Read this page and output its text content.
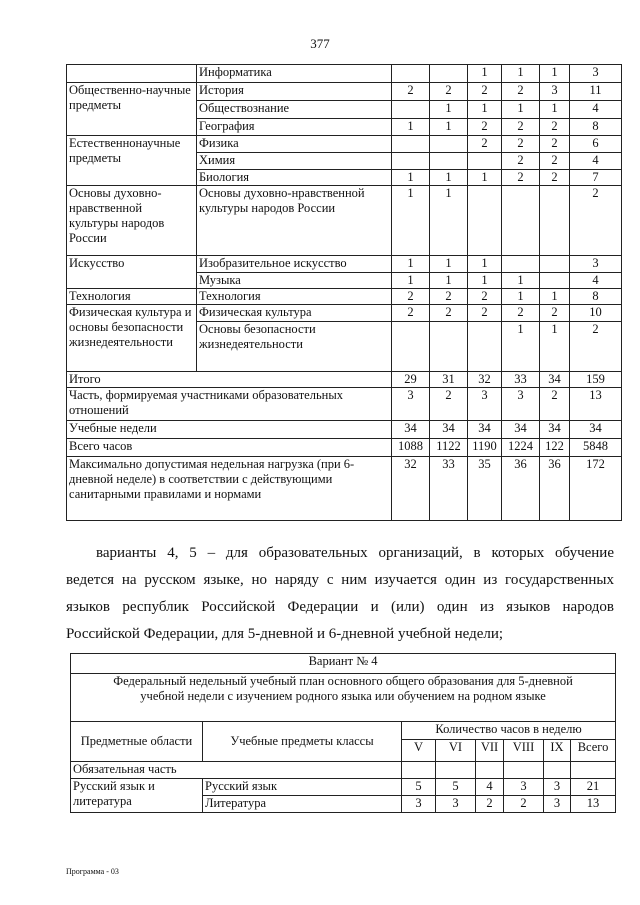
377
	Информатика			1	1	1	3
Общественно-научные предметы	История	2	2	2	2	3	11
	Обществознание		1	1	1	1	4
	География	1	1	2	2	2	8
Естественнонаучные предметы	Физика			2	2	2	6
	Химия				2	2	4
	Биология	1	1	1	2	2	7
Основы духовно-нравственной культуры народов России	Основы духовно-нравственной культуры народов России	1	1				2
Искусство	Изобразительное искусство	1	1	1			3
	Музыка	1	1	1	1		4
Технология	Технология	2	2	2	1	1	8
Физическая культура и основы безопасности жизнедеятельности	Физическая культура	2	2	2	2	2	10
	Основы безопасности жизнедеятельности				1	1	2
Итого		29	31	32	33	34	159
Часть, формируемая участниками образовательных отношений		3	2	3	3	2	13
Учебные недели		34	34	34	34	34	34
Всего часов		1088	1122	1190	1224	122	5848
Максимально допустимая недельная нагрузка (при 6-дневной неделе) в соответствии с действующими санитарными правилами и нормами		32	33	35	36	36	172
варианты 4, 5 – для образовательных организаций, в которых обучение
ведется на русском языке, но наряду с ним изучается один из государственных
языков республик Российской Федерации и (или) один из языков народов
Российской Федерации, для 5-дневной и 6-дневной учебной недели;
Вариант № 4							
Федеральный недельный учебный план основного общего образования для 5-дневной учебной недели с изучением родного языка или обучением на родном языке							
Предметные области	Учебные предметы классы	Количество часов в неделю					
		V	VI	VII	VIII	IX	Всего
Обязательная часть							
Русский язык и литература	Русский язык	5	5	4	3	3	21
	Литература	3	3	2	2	3	13
Программа - 03
